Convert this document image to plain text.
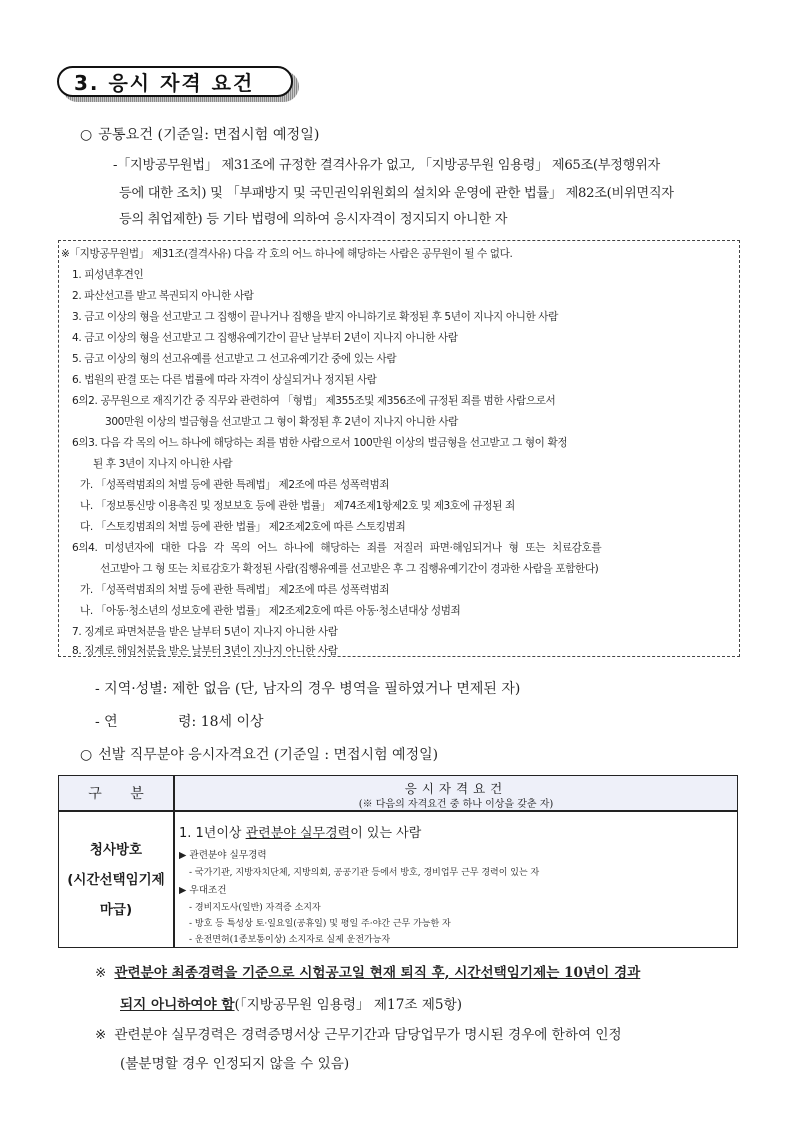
3. 응시 자격 요건
○ 공통요건 (기준일: 면접시험 예정일)
-「지방공무원법」 제31조에 규정한 결격사유가 없고, 「지방공무원 임용령」 제65조(부정행위자
등에 대한 조치) 및 「부패방지 및 국민권익위원회의 설치와 운영에 관한 법률」 제82조(비위면직자
등의 취업제한) 등 기타 법령에 의하여 응시자격이 정지되지 아니한 자
※「지방공무원법」 제31조(결격사유) 다음 각 호의 어느 하나에 해당하는 사람은 공무원이 될 수 없다.
1. 피성년후견인
2. 파산선고를 받고 복권되지 아니한 사람
3. 금고 이상의 형을 선고받고 그 집행이 끝나거나 집행을 받지 아니하기로 확정된 후 5년이 지나지 아니한 사람
4. 금고 이상의 형을 선고받고 그 집행유예기간이 끝난 날부터 2년이 지나지 아니한 사람
5. 금고 이상의 형의 선고유예를 선고받고 그 선고유예기간 중에 있는 사람
6. 법원의 판결 또는 다른 법률에 따라 자격이 상실되거나 정지된 사람
6의2. 공무원으로 재직기간 중 직무와 관련하여 「형법」 제355조및 제356조에 규정된 죄를 범한 사람으로서
300만원 이상의 벌금형을 선고받고 그 형이 확정된 후 2년이 지나지 아니한 사람
6의3. 다음 각 목의 어느 하나에 해당하는 죄를 범한 사람으로서 100만원 이상의 벌금형을 선고받고 그 형이 확정
된 후 3년이 지나지 아니한 사람
가. 「성폭력범죄의 처벌 등에 관한 특례법」 제2조에 따른 성폭력범죄
나. 「정보통신망 이용촉진 및 정보보호 등에 관한 법률」 제74조제1항제2호 및 제3호에 규정된 죄
다. 「스토킹범죄의 처벌 등에 관한 법률」 제2조제2호에 따른 스토킹범죄
6의4. 미성년자에 대한 다음 각 목의 어느 하나에 해당하는 죄를 저질러 파면·해임되거나 형 또는 치료감호를
선고받아 그 형 또는 치료감호가 확정된 사람(집행유예를 선고받은 후 그 집행유예기간이 경과한 사람을 포함한다)
가. 「성폭력범죄의 처벌 등에 관한 특례법」 제2조에 따른 성폭력범죄
나. 「아동·청소년의 성보호에 관한 법률」 제2조제2호에 따른 아동·청소년대상 성범죄
7. 징계로 파면처분을 받은 날부터 5년이 지나지 아니한 사람
8. 징계로 해임처분을 받은 날부터 3년이 지나지 아니한 사람
- 지역·성별: 제한 없음 (단, 남자의 경우 병역을 필하였거나 면제된 자)
- 연	령: 18세 이상
○ 선발 직무분야 응시자격요건 (기준일 : 면접시험 예정일)
구 분	응시자격요건
(※ 다음의 자격요건 중 하나 이상을 갖춘 자)
청사방호
(시간선택임기제
마급)
1. 1년이상 관련분야 실무경력이 있는 사람
▶ 관련분야 실무경력
- 국가기관, 지방자치단체, 지방의회, 공공기관 등에서 방호, 경비업무 근무 경력이 있는 자
▶ 우대조건
- 경비지도사(일반) 자격증 소지자
- 방호 등 특성상 토·일요일(공휴일) 및 평일 주·야간 근무 가능한 자
- 운전면허(1종보통이상) 소지자로 실제 운전가능자
※ 관련분야 최종경력을 기준으로 시험공고일 현재 퇴직 후, 시간선택임기제는 10년이 경과
되지 아니하여야 함(「지방공무원 임용령」 제17조 제5항)
※ 관련분야 실무경력은 경력증명서상 근무기간과 담당업무가 명시된 경우에 한하여 인정
(불분명할 경우 인정되지 않을 수 있음)
